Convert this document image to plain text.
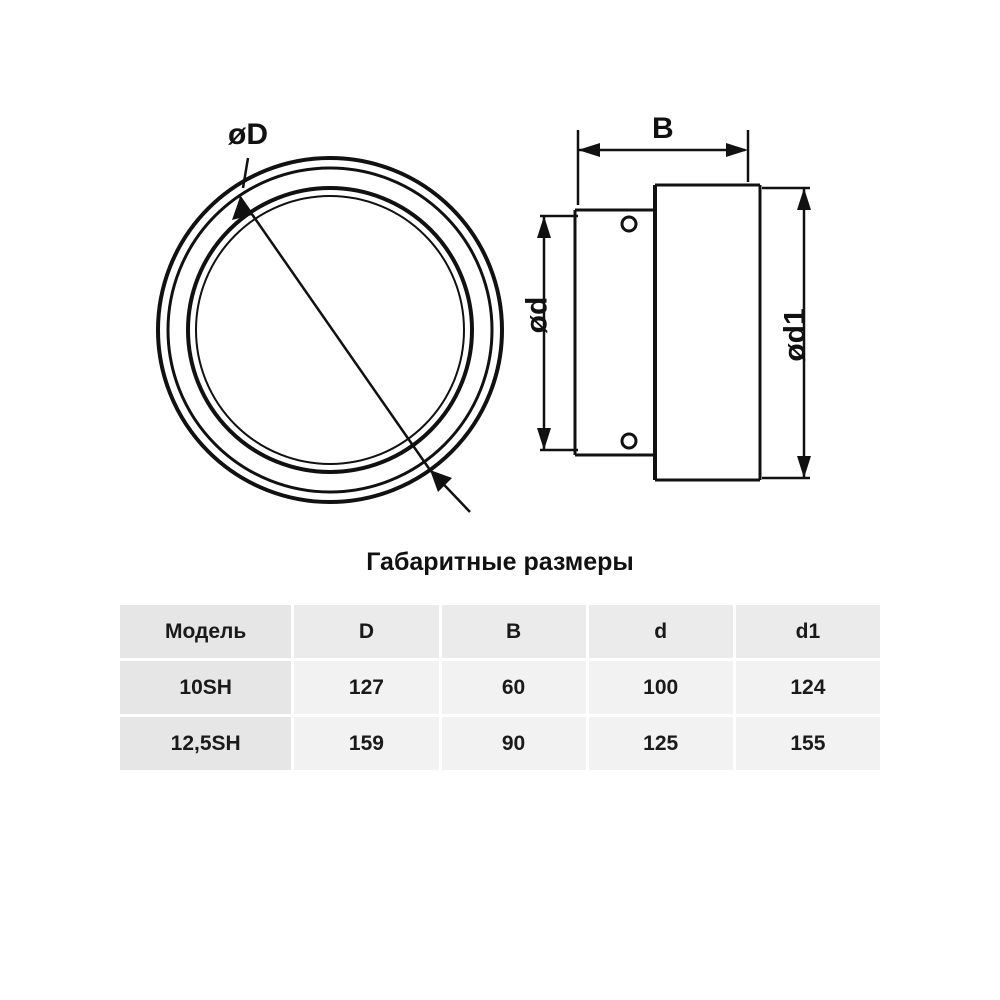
øD	B
ød	ød1
Габаритные размеры
Модель	D	B	d	d1
10SH	127	60	100	124
12,5SH	159	90	125	155
